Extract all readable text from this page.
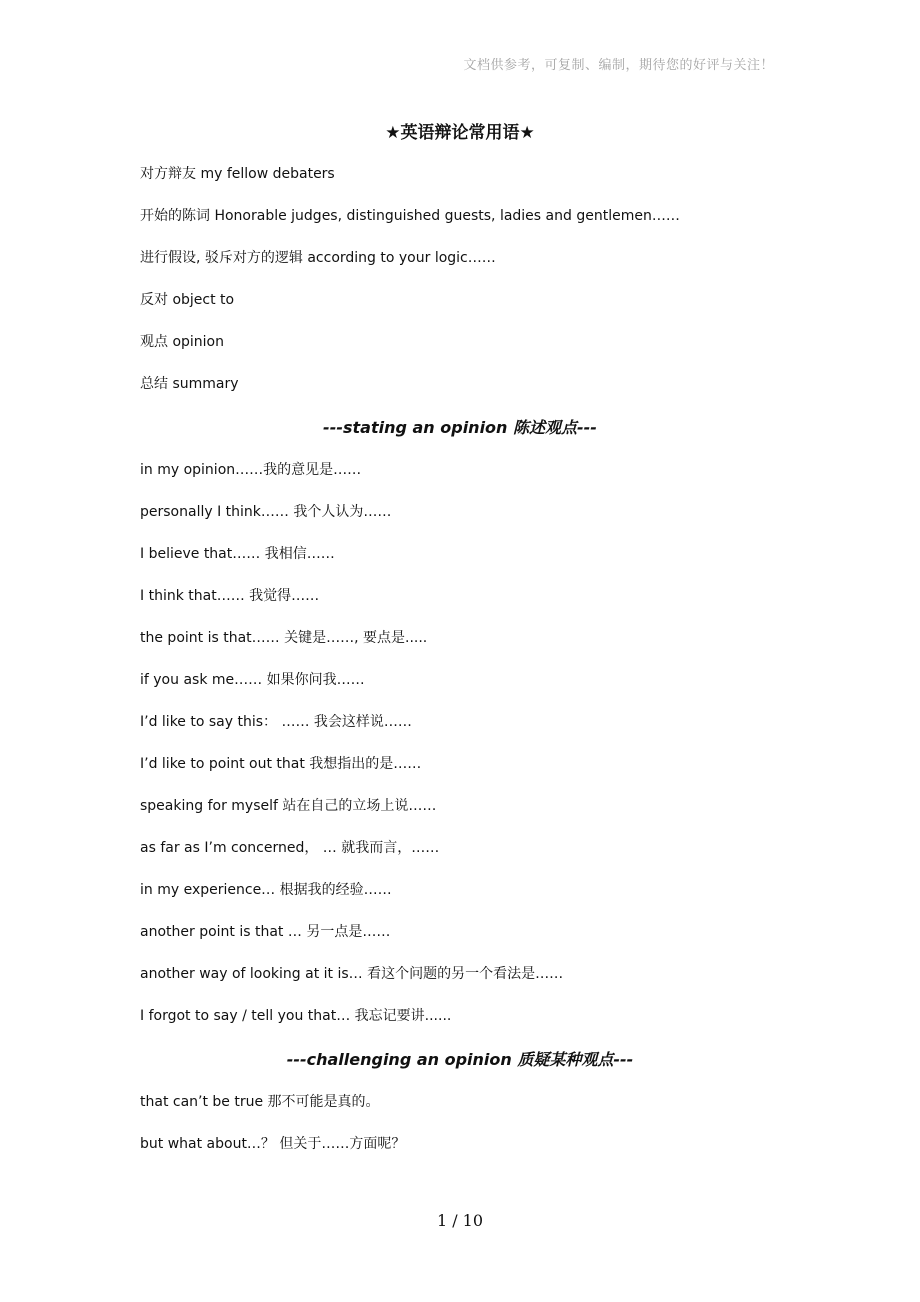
文档供参考，可复制、编制，期待您的好评与关注！
★英语辩论常用语★
对方辩友 my fellow debaters
开始的陈词 Honorable judges, distinguished guests, ladies and gentlemen……
进行假设, 驳斥对方的逻辑 according to your logic……
反对 object to
观点 opinion
总结 summary
---stating an opinion 陈述观点---
in my opinion……我的意见是……
personally I think…… 我个人认为……
I believe that…… 我相信……
I think that…… 我觉得……
the point is that…… 关键是……, 要点是.....
if you ask me…… 如果你问我……
I’d like to say this： …… 我会这样说……
I’d like to point out that 我想指出的是……
speaking for myself 站在自己的立场上说……
as far as I’m concerned， … 就我而言，……
in my experience… 根据我的经验……
another point is that … 另一点是……
another way of looking at it is… 看这个问题的另一个看法是……
I forgot to say / tell you that… 我忘记要讲......
---challenging an opinion 质疑某种观点---
that can’t be true 那不可能是真的。
but what about…？ 但关于……方面呢？
1 / 10
